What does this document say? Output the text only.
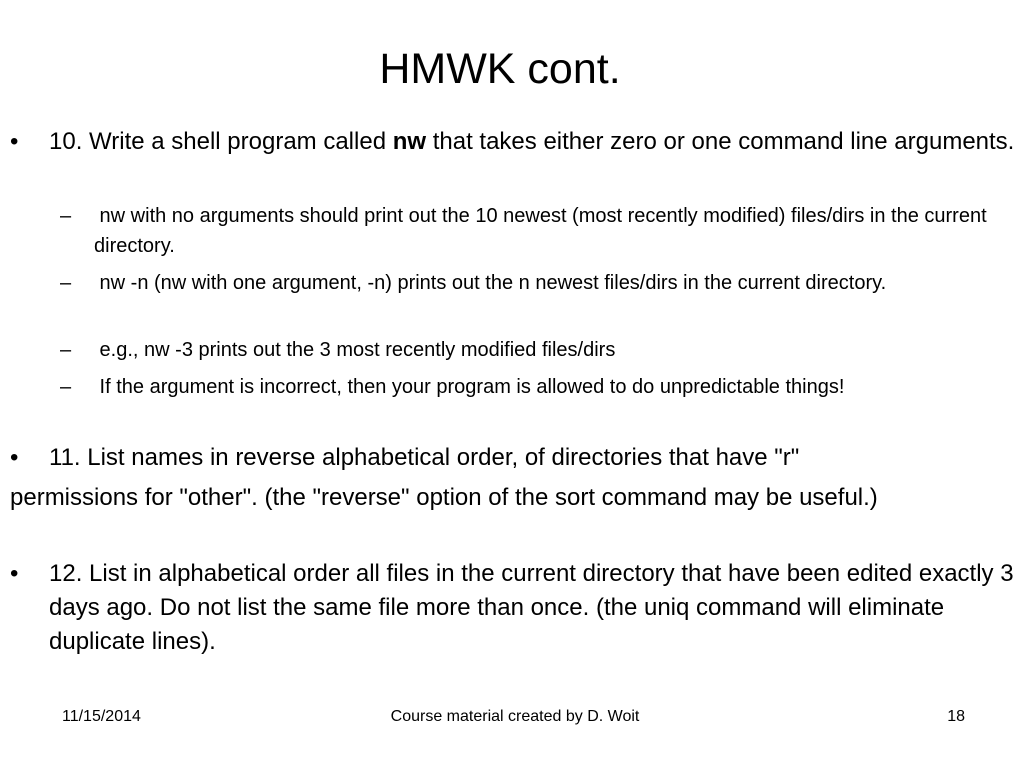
HMWK cont.

• 10. Write a shell program called nw that takes either zero or one command line arguments.

– nw with no arguments should print out the 10 newest (most recently modified) files/dirs in the current directory.

– nw -n (nw with one argument, -n) prints out the n newest files/dirs in the current directory.

– e.g., nw -3 prints out the 3 most recently modified files/dirs

– If the argument is incorrect, then your program is allowed to do unpredictable things!

• 11. List names in reverse alphabetical order, of directories that have "r"

permissions for "other". (the "reverse" option of the sort command may be useful.)

• 12. List in alphabetical order all files in the current directory that have been edited exactly 3 days ago. Do not list the same file more than once. (the uniq command will eliminate duplicate lines).

11/15/2014	Course material created by D. Woit	18
